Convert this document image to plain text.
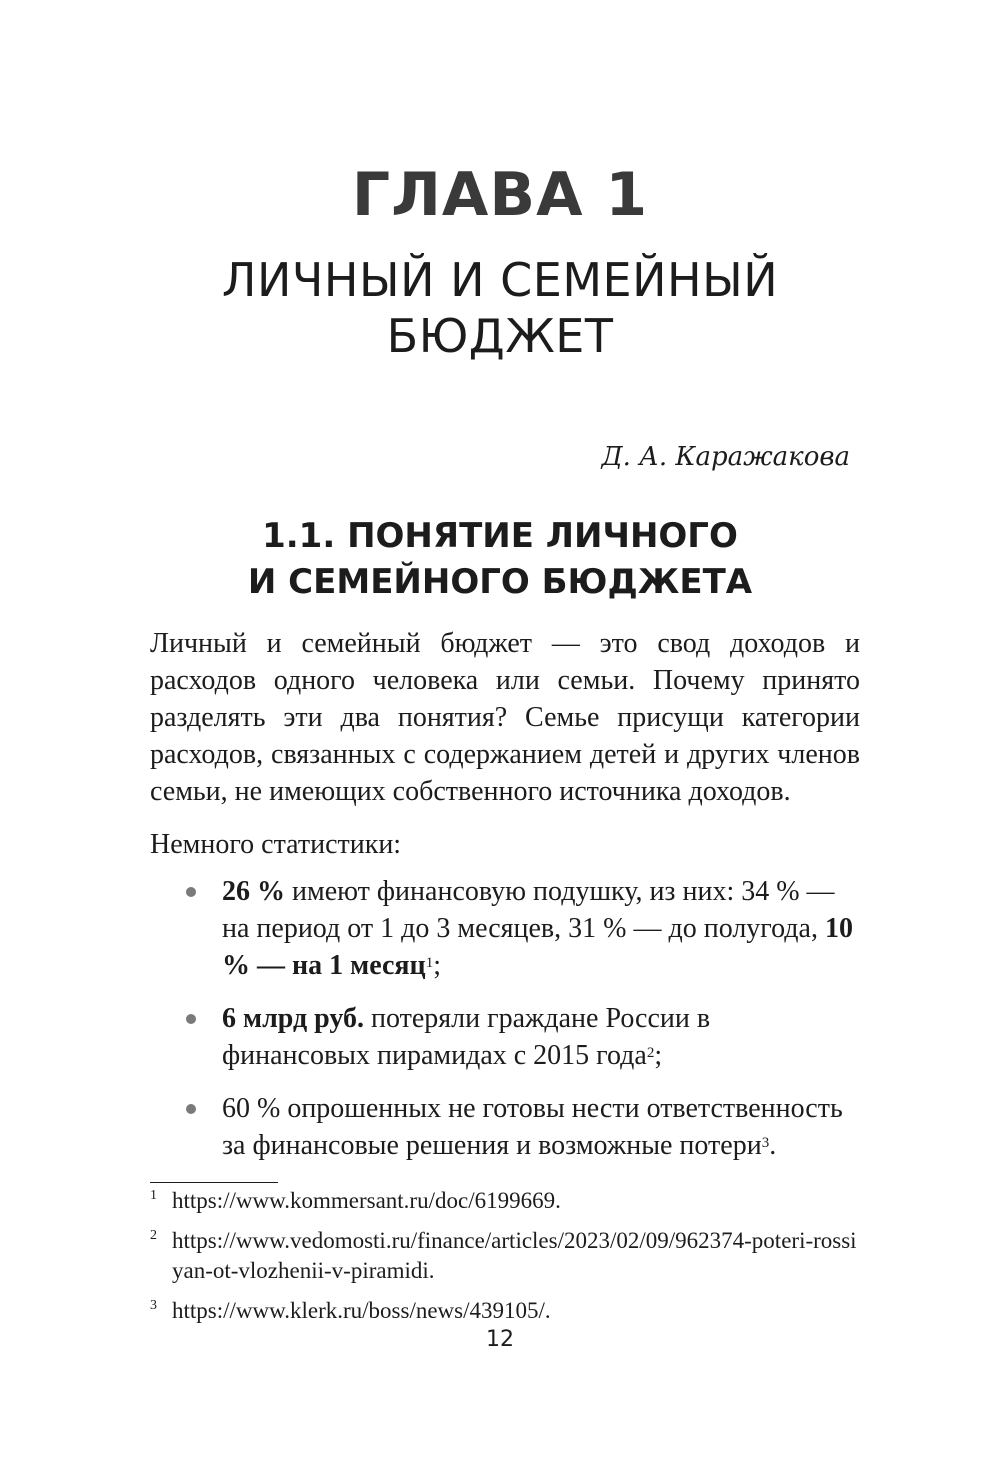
ГЛАВА 1
ЛИЧНЫЙ И СЕМЕЙНЫЙ
БЮДЖЕТ
Д. А. Каражакова
1.1. ПОНЯТИЕ ЛИЧНОГО
И СЕМЕЙНОГО БЮДЖЕТА
Личный и семейный бюджет — это свод доходов и расходов одного человека или семьи. Почему принято разделять эти два понятия? Семье присущи категории расходов, связанных с содержанием детей и других членов семьи, не имеющих собственного источника доходов.
Немного статистики:
26 % имеют финансовую подушку, из них: 34 % — на период от 1 до 3 месяцев, 31 % — до полугода, 10 % — на 1 месяц$^1$;
6 млрд руб. потеряли граждане России в финансовых пирамидах с 2015 года$^2$;
60 % опрошенных не готовы нести ответственность за финансовые решения и возможные потери$^3$.
1 https://www.kommersant.ru/doc/6199669.
2 https://www.vedomosti.ru/finance/articles/2023/02/09/962374-poteri-rossiyan-ot-vlozhenii-v-piramidi.
3 https://www.klerk.ru/boss/news/439105/.
12
